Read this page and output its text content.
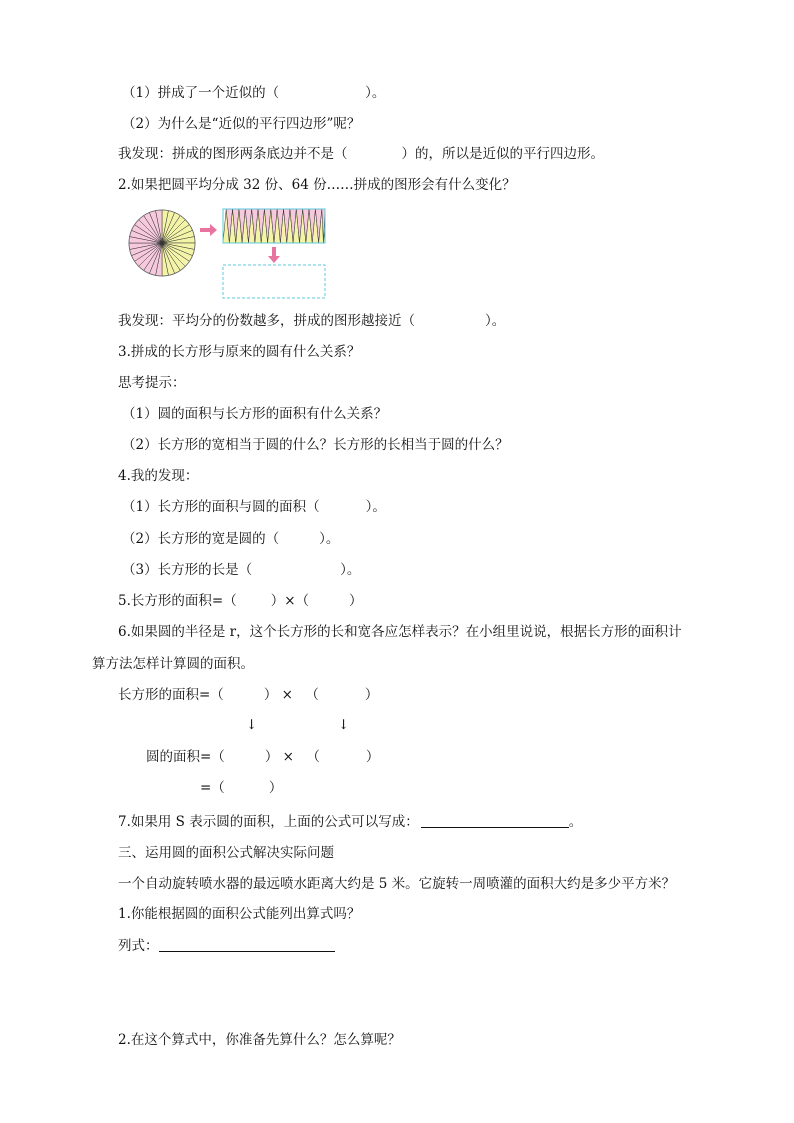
（1）拼成了一个近似的（	）。
（2）为什么是“近似的平行四边形”呢？
我发现：拼成的图形两条底边并不是（	）的，所以是近似的平行四边形。
2.如果把圆平均分成 32 份、64 份……拼成的图形会有什么变化？
我发现：平均分的份数越多，拼成的图形越接近（	）。
3.拼成的长方形与原来的圆有什么关系？
思考提示：
（1）圆的面积与长方形的面积有什么关系？
（2）长方形的宽相当于圆的什么？长方形的长相当于圆的什么？
4.我的发现：
（1）长方形的面积与圆的面积（	）。
（2）长方形的宽是圆的（	）。
（3）长方形的长是（	）。
5.长方形的面积=（	）×（	）
6.如果圆的半径是 r，这个长方形的长和宽各应怎样表示？在小组里说说，根据长方形的面积计
算方法怎样计算圆的面积。
长方形的面积=（	） × （	）
↓	↓
圆的面积=（	） × （	）
=（	）
7.如果用 S 表示圆的面积，上面的公式可以写成：	。
三、运用圆的面积公式解决实际问题
一个自动旋转喷水器的最远喷水距离大约是 5 米。它旋转一周喷灌的面积大约是多少平方米？
1.你能根据圆的面积公式能列出算式吗？
列式：
2.在这个算式中，你准备先算什么？怎么算呢？
